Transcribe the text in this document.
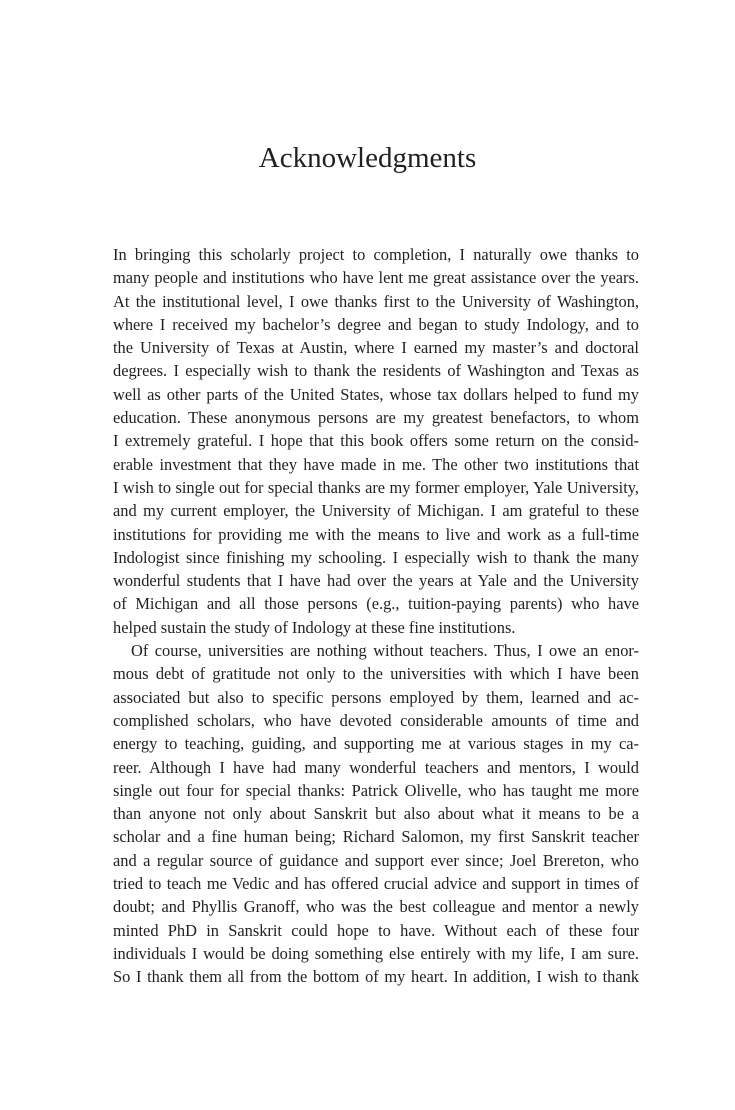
Acknowledgments
In bringing this scholarly project to completion, I naturally owe thanks to
many people and institutions who have lent me great assistance over the years.
At the institutional level, I owe thanks first to the University of Washington,
where I received my bachelor’s degree and began to study Indology, and to
the University of Texas at Austin, where I earned my master’s and doctoral
degrees. I especially wish to thank the residents of Washington and Texas as
well as other parts of the United States, whose tax dollars helped to fund my
education. These anonymous persons are my greatest benefactors, to whom
I extremely grateful. I hope that this book offers some return on the consid-
erable investment that they have made in me. The other two institutions that
I wish to single out for special thanks are my former employer, Yale University,
and my current employer, the University of Michigan. I am grateful to these
institutions for providing me with the means to live and work as a full-time
Indologist since finishing my schooling. I especially wish to thank the many
wonderful students that I have had over the years at Yale and the University
of Michigan and all those persons (e.g., tuition-paying parents) who have
helped sustain the study of Indology at these fine institutions.
Of course, universities are nothing without teachers. Thus, I owe an enor-
mous debt of gratitude not only to the universities with which I have been
associated but also to specific persons employed by them, learned and ac-
complished scholars, who have devoted considerable amounts of time and
energy to teaching, guiding, and supporting me at various stages in my ca-
reer. Although I have had many wonderful teachers and mentors, I would
single out four for special thanks: Patrick Olivelle, who has taught me more
than anyone not only about Sanskrit but also about what it means to be a
scholar and a fine human being; Richard Salomon, my first Sanskrit teacher
and a regular source of guidance and support ever since; Joel Brereton, who
tried to teach me Vedic and has offered crucial advice and support in times of
doubt; and Phyllis Granoff, who was the best colleague and mentor a newly
minted PhD in Sanskrit could hope to have. Without each of these four
individuals I would be doing something else entirely with my life, I am sure.
So I thank them all from the bottom of my heart. In addition, I wish to thank
